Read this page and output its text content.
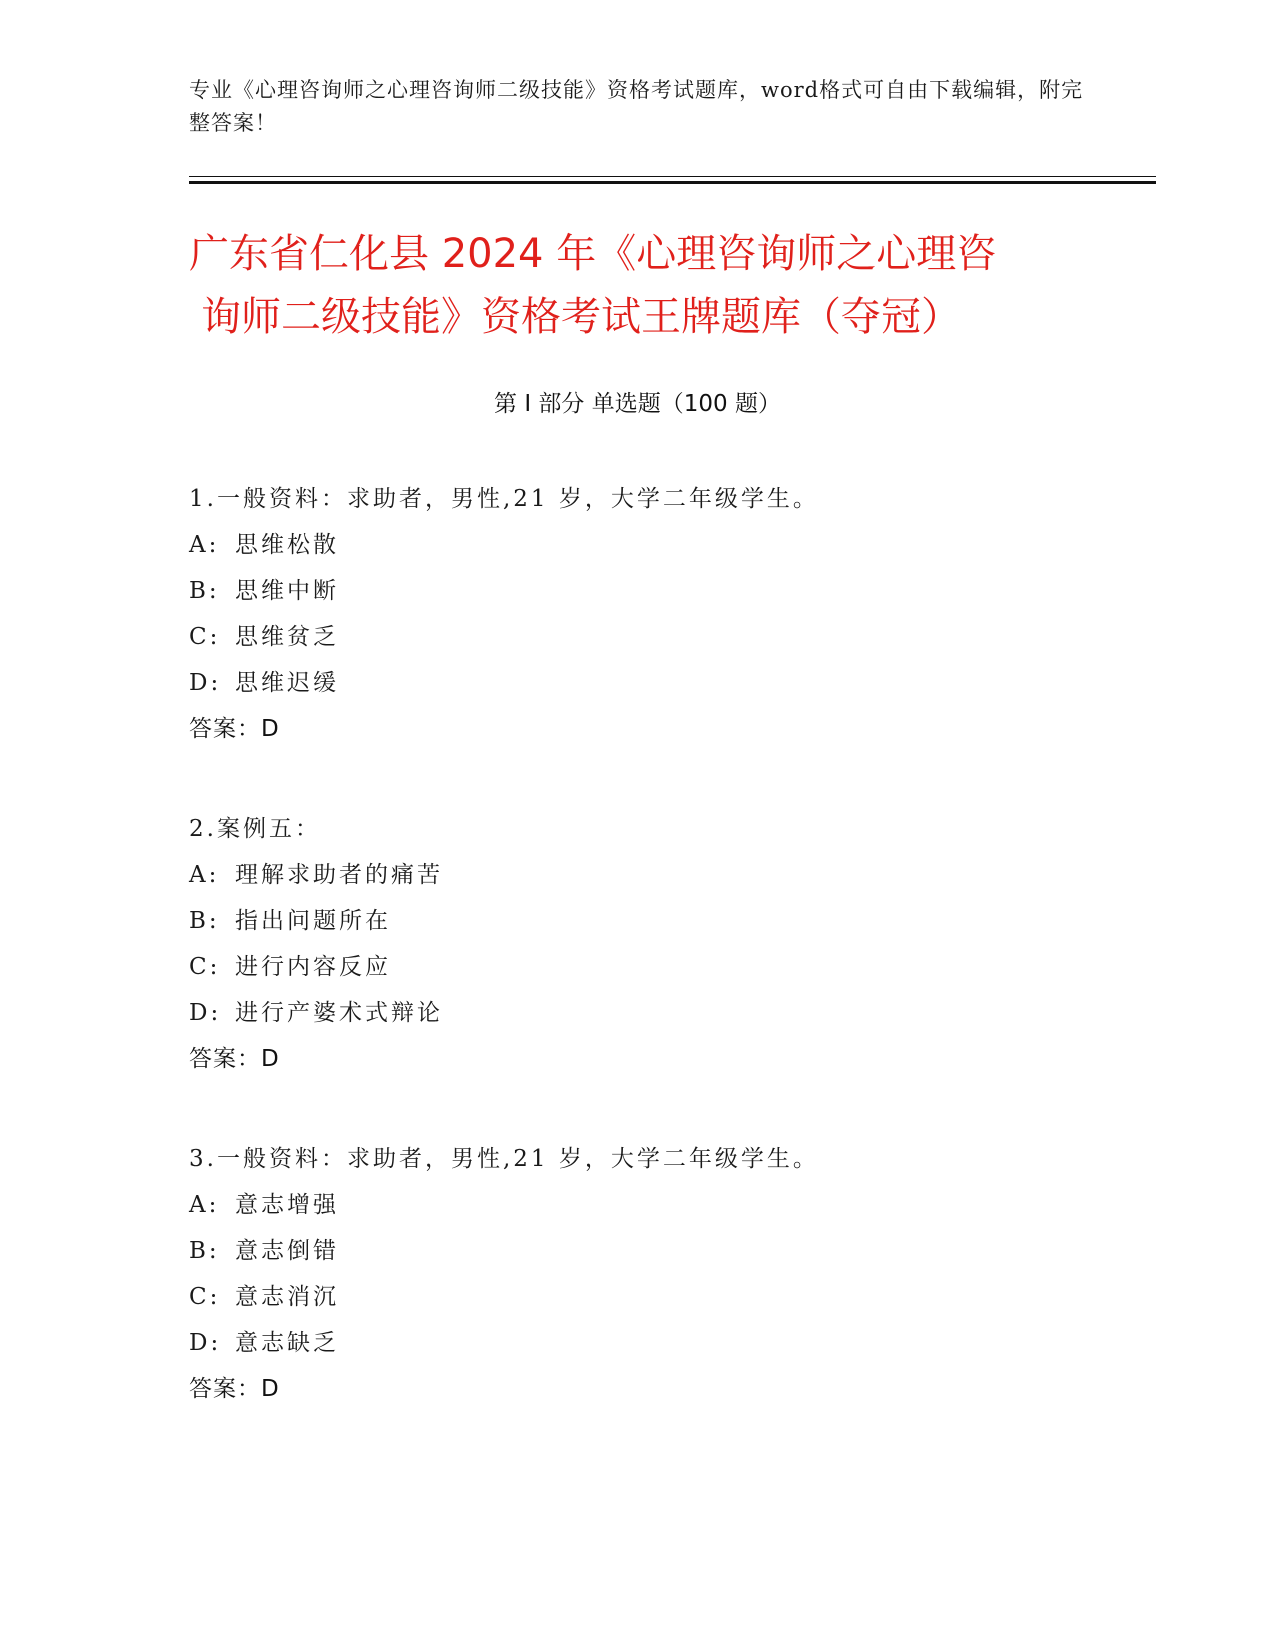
专业《心理咨询师之心理咨询师二级技能》资格考试题库，word格式可自由下载编辑，附完整答案！
广东省仁化县 2024 年《心理咨询师之心理咨
询师二级技能》资格考试王牌题库（夺冠）
第 I 部分 单选题（100 题）
1.一般资料：求助者，男性,21 岁，大学二年级学生。
A: 思维松散
B: 思维中断
C: 思维贫乏
D: 思维迟缓
答案：D
2.案例五：
A: 理解求助者的痛苦
B: 指出问题所在
C: 进行内容反应
D: 进行产婆术式辩论
答案：D
3.一般资料：求助者，男性,21 岁，大学二年级学生。
A: 意志增强
B: 意志倒错
C: 意志消沉
D: 意志缺乏
答案：D
